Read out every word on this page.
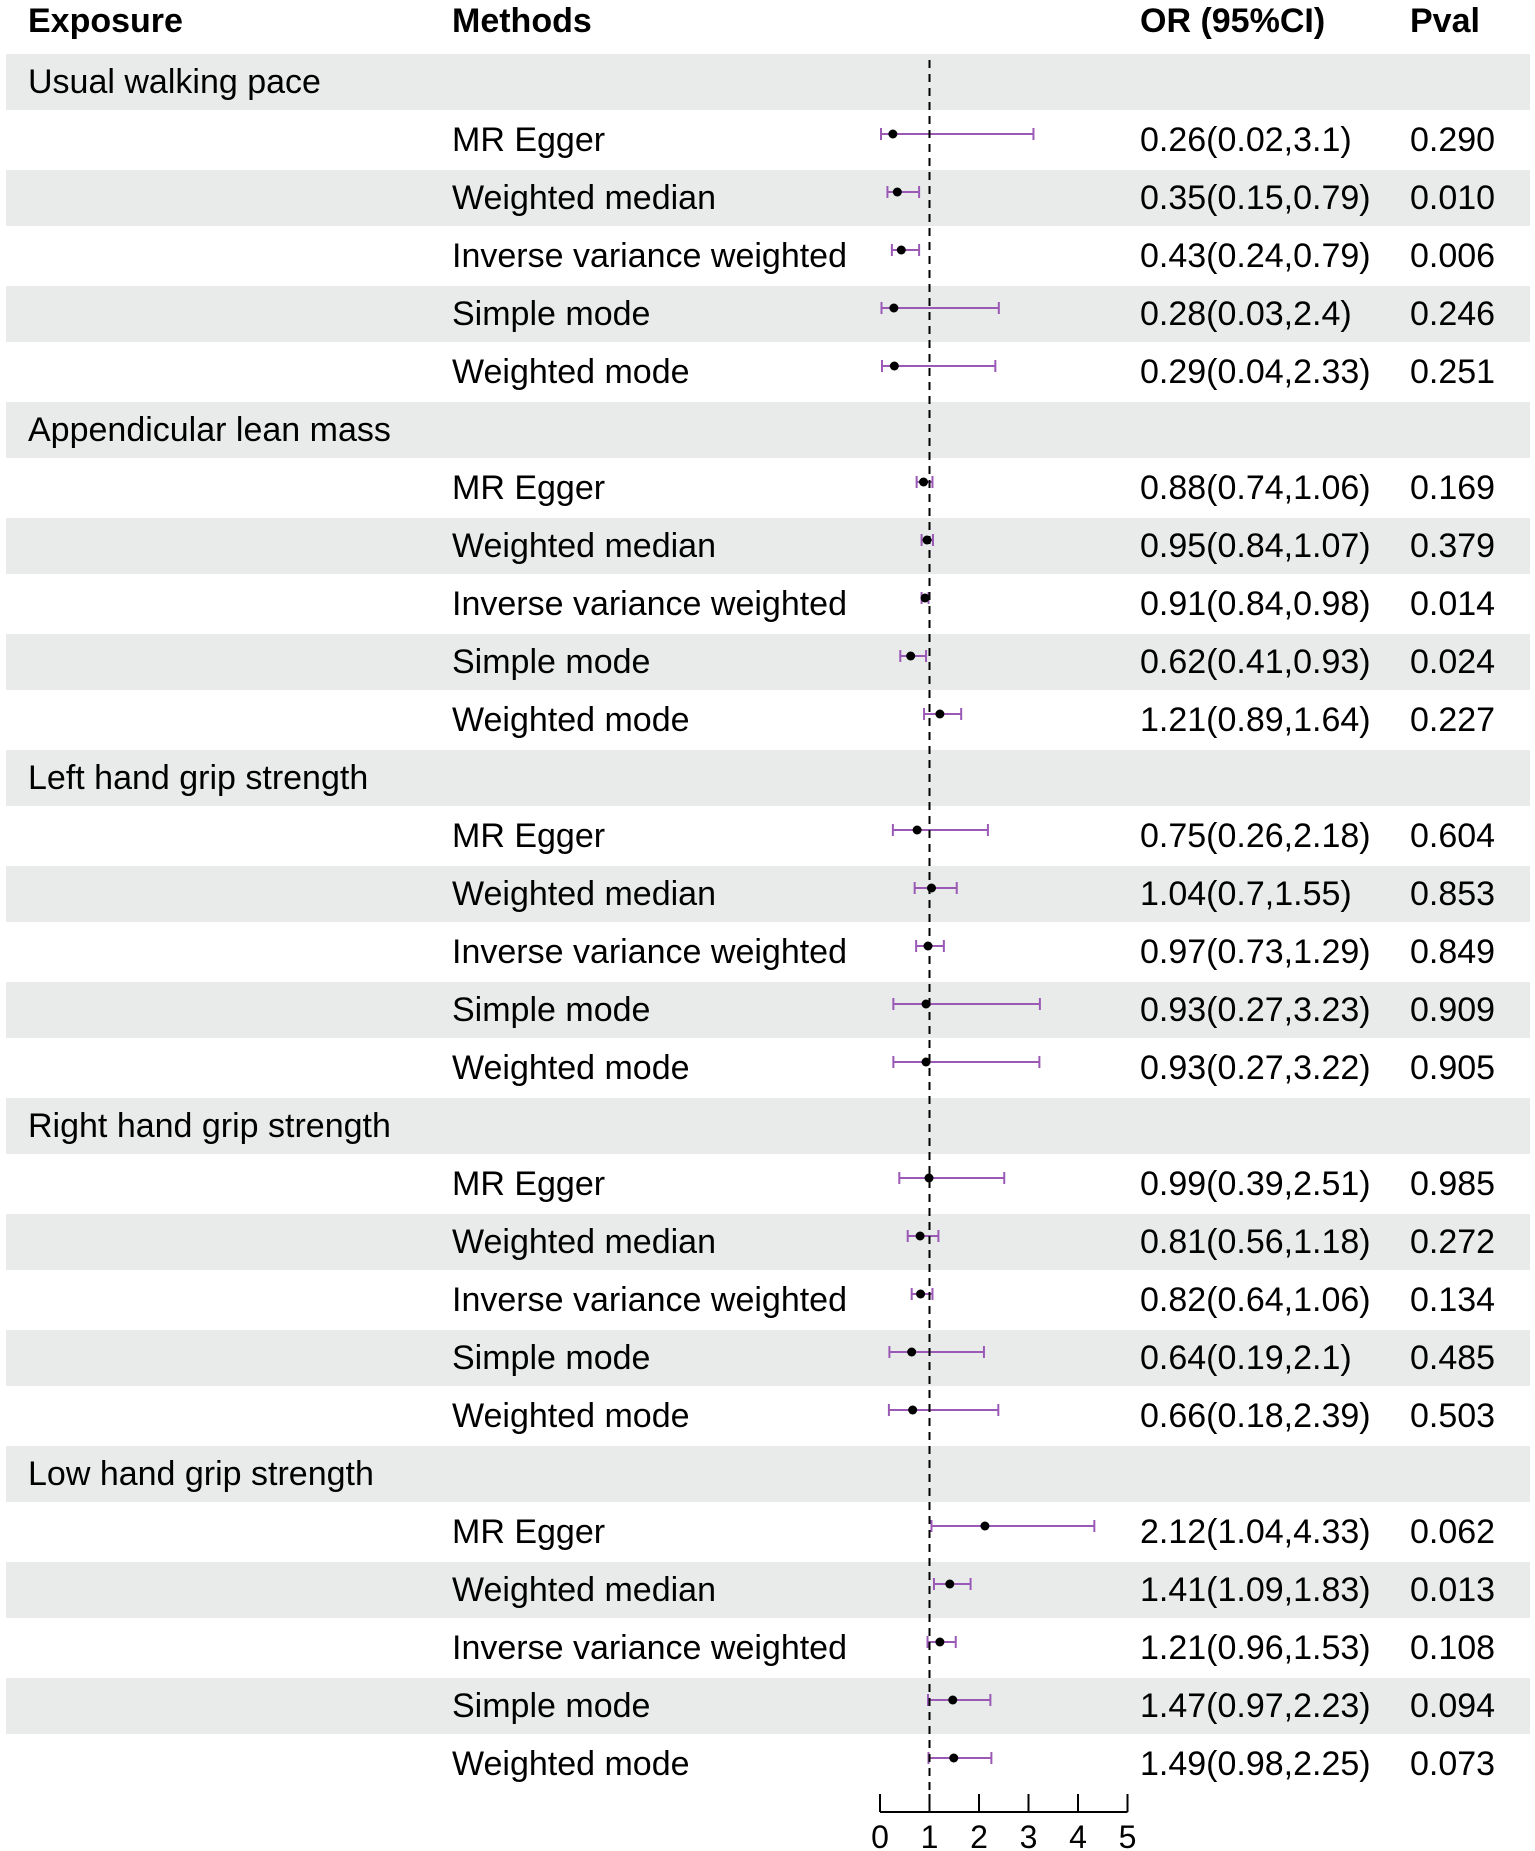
Exposure	Methods	OR (95%CI) Pval
Usual walking pace
MR Egger	0.26(0.02,3.1) 0.290
Weighted median	0.35(0.15,0.79) 0.010
Inverse variance weighted	0.43(0.24,0.79) 0.006
Simple mode	0.28(0.03,2.4) 0.246
Weighted mode	0.29(0.04,2.33) 0.251
Appendicular lean mass
MR Egger	0.88(0.74,1.06) 0.169
Weighted median	0.95(0.84,1.07) 0.379
Inverse variance weighted	0.91(0.84,0.98) 0.014
Simple mode	0.62(0.41,0.93) 0.024
Weighted mode	1.21(0.89,1.64) 0.227
Left hand grip strength
MR Egger	0.75(0.26,2.18) 0.604
Weighted median	1.04(0.7,1.55) 0.853
Inverse variance weighted	0.97(0.73,1.29) 0.849
Simple mode	0.93(0.27,3.23) 0.909
Weighted mode	0.93(0.27,3.22) 0.905
Right hand grip strength
MR Egger	0.99(0.39,2.51) 0.985
Weighted median	0.81(0.56,1.18) 0.272
Inverse variance weighted	0.82(0.64,1.06) 0.134
Simple mode	0.64(0.19,2.1) 0.485
Weighted mode	0.66(0.18,2.39) 0.503
Low hand grip strength
MR Egger	2.12(1.04,4.33) 0.062
Weighted median	1.41(1.09,1.83) 0.013
Inverse variance weighted	1.21(0.96,1.53) 0.108
Simple mode	1.47(0.97,2.23) 0.094
Weighted mode	1.49(0.98,2.25) 0.073
0 1 2 3 4 5
